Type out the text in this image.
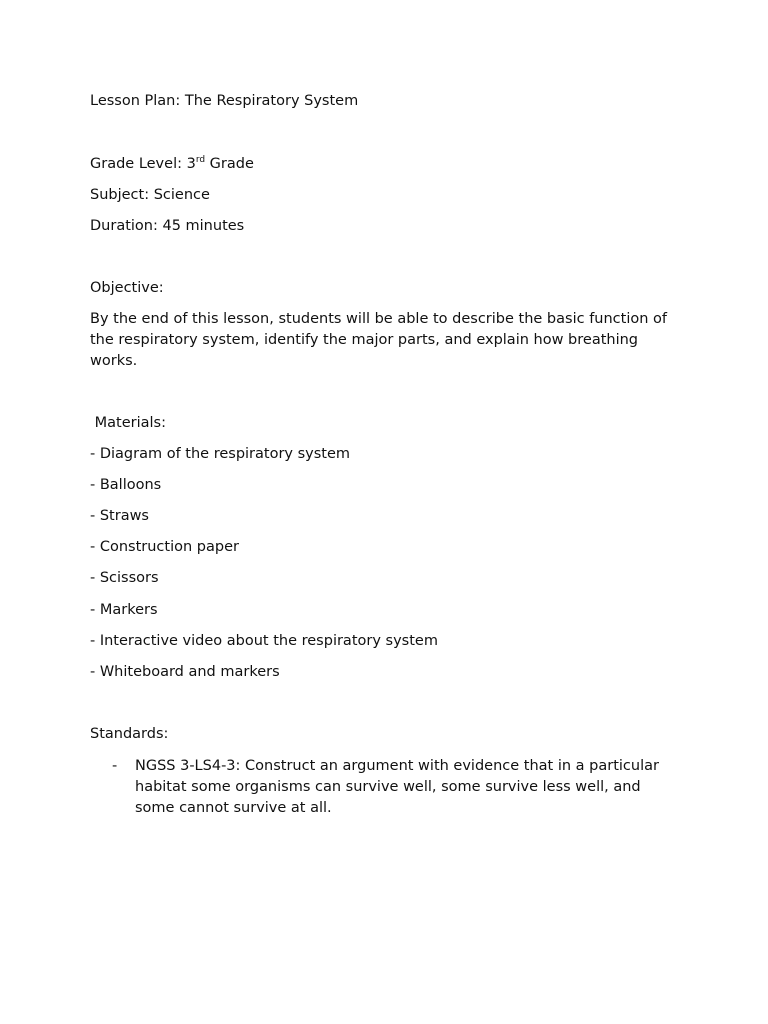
Lesson Plan: The Respiratory System
Grade Level: 3rd Grade
Subject: Science
Duration: 45 minutes
Objective:
By the end of this lesson, students will be able to describe the basic function of the respiratory system, identify the major parts, and explain how breathing works.
Materials:
- Diagram of the respiratory system
- Balloons
- Straws
- Construction paper
- Scissors
- Markers
- Interactive video about the respiratory system
- Whiteboard and markers
Standards:
- NGSS 3-LS4-3: Construct an argument with evidence that in a particular habitat some organisms can survive well, some survive less well, and some cannot survive at all.
